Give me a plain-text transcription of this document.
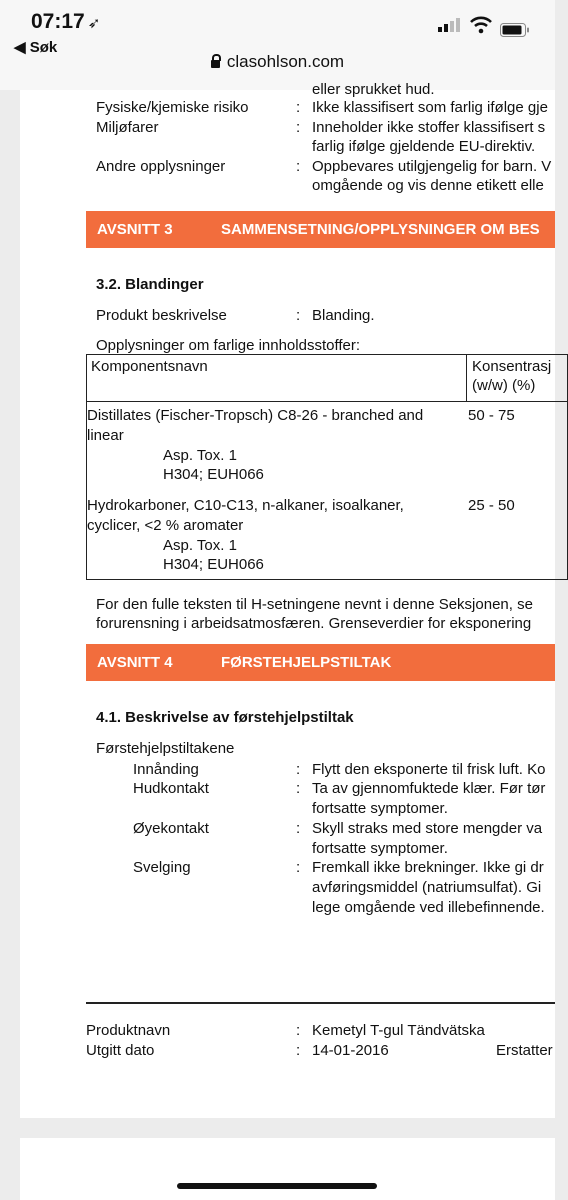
07:17 ➶
◀ Søk
clasohlson.com
eller sprukket hud.
Fysiske/kjemiske risiko	: Ikke klassifisert som farlig ifølge gje
Miljøfarer	: Inneholder ikke stoffer klassifisert s
farlig ifølge gjeldende EU-direktiv.
Andre opplysninger	: Oppbevares utilgjengelig for barn. V
omgående og vis denne etikett elle
AVSNITT 3	SAMMENSETNING/OPPLYSNINGER OM BES
3.2. Blandinger
Produkt beskrivelse	: Blanding.
Opplysninger om farlige innholdsstoffer:
Komponentsnavn	Konsentrasj
(w/w) (%)
Distillates (Fischer-Tropsch) C8-26 - branched and
linear
Asp. Tox. 1
H304; EUH066
50 - 75
Hydrokarboner, C10-C13, n-alkaner, isoalkaner,
cyclicer, <2 % aromater
Asp. Tox. 1
H304; EUH066
25 - 50
For den fulle teksten til H-setningene nevnt i denne Seksjonen, se
forurensning i arbeidsatmosfæren. Grenseverdier for eksponering
AVSNITT 4	FØRSTEHJELPSTILTAK
4.1. Beskrivelse av førstehjelpstiltak
Førstehjelpstiltakene
Innånding	: Flytt den eksponerte til frisk luft. Ko
Hudkontakt	: Ta av gjennomfuktede klær. Før tør
fortsatte symptomer.
Øyekontakt	: Skyll straks med store mengder va
fortsatte symptomer.
Svelging	: Fremkall ikke brekninger. Ikke gi dr
avføringsmiddel (natriumsulfat). Gi
lege omgående ved illebefinnende.
Produktnavn	: Kemetyl T-gul Tändvätska
Utgitt dato	: 14-01-2016	Erstatter
